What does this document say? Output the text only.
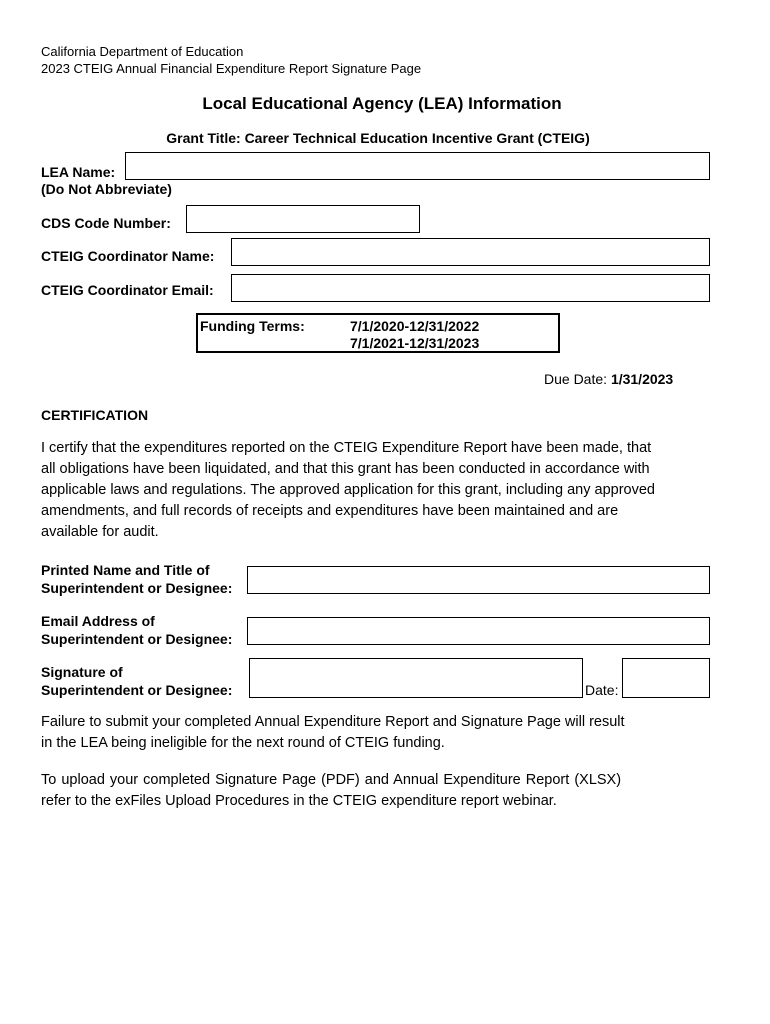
California Department of Education
2023 CTEIG Annual Financial Expenditure Report Signature Page
Local Educational Agency (LEA) Information
Grant Title: Career Technical Education Incentive Grant (CTEIG)
LEA Name:
(Do Not Abbreviate)
CDS Code Number:
CTEIG Coordinator Name:
CTEIG Coordinator Email:
Funding Terms:	7/1/2020-12/31/2022
7/1/2021-12/31/2023
Due Date: 1/31/2023
CERTIFICATION

I certify that the expenditures reported on the CTEIG Expenditure Report have been made, that

all obligations have been liquidated, and that this grant has been conducted in accordance with

applicable laws and regulations. The approved application for this grant, including any approved

amendments, and full records of receipts and expenditures have been maintained and are

available for audit.

Printed Name and Title of
Superintendent or Designee:
Email Address of
Superintendent or Designee:
Signature of
Superintendent or Designee:	Date:

Failure to submit your completed Annual Expenditure Report and Signature Page will result

in the LEA being ineligible for the next round of CTEIG funding.

To upload your completed Signature Page (PDF) and Annual Expenditure Report (XLSX)

refer to the exFiles Upload Procedures in the CTEIG expenditure report webinar.
